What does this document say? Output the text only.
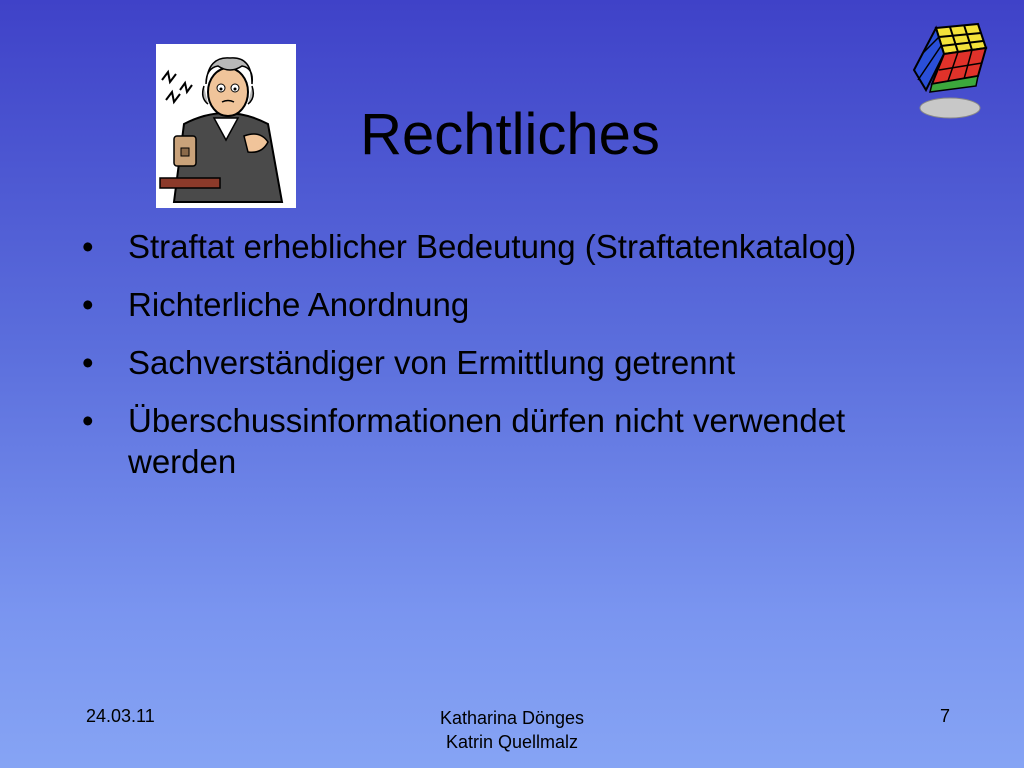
Rechtliches
• Straftat erheblicher Bedeutung (Straftatenkatalog)
• Richterliche Anordnung
• Sachverständiger von Ermittlung getrennt
• Überschussinformationen dürfen nicht verwendet werden
24.03.11	Katharina Dönges
Katrin Quellmalz
7
